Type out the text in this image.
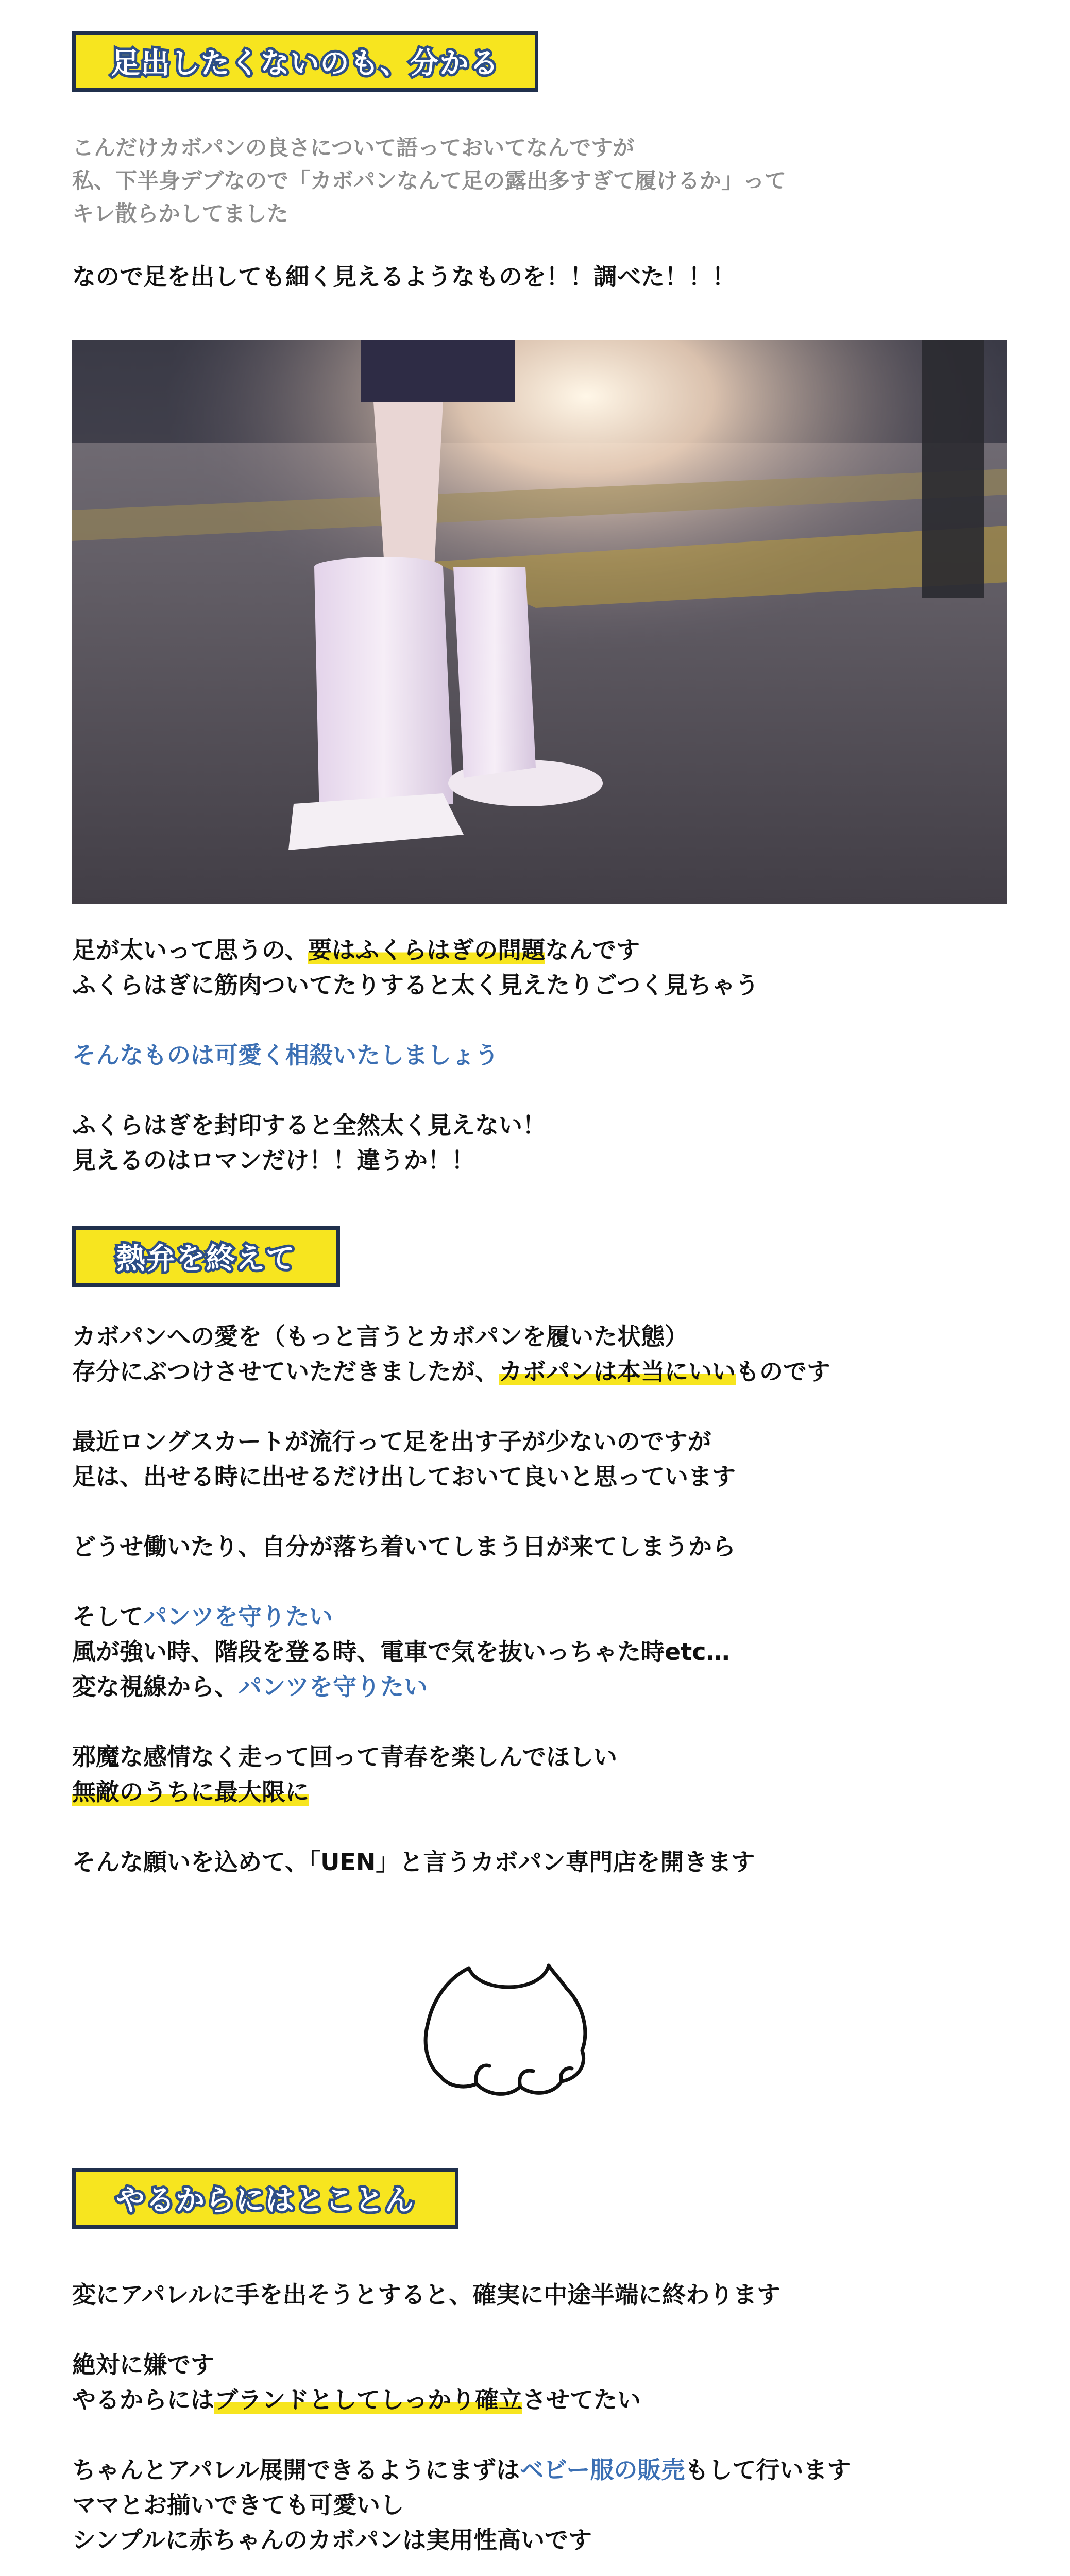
足出したくないのも、分かる

こんだけカボパンの良さについて語っておいてなんですが

私、下半身デブなので「カボパンなんて足の露出多すぎて履けるか」って

キレ散らかしてました

なので足を出しても細く見えるようなものを！！調べた！！！

足が太いって思うの、要はふくらはぎの問題なんです

ふくらはぎに筋肉ついてたりすると太く見えたりごつく見ちゃう

そんなものは可愛く相殺いたしましょう

ふくらはぎを封印すると全然太く見えない！

見えるのはロマンだけ！！違うか！！

熱弁を終えて

カボパンへの愛を（もっと言うとカボパンを履いた状態）

存分にぶつけさせていただきましたが、カボパンは本当にいいものです

最近ロングスカートが流行って足を出す子が少ないのですが

足は、出せる時に出せるだけ出しておいて良いと思っています

どうせ働いたり、自分が落ち着いてしまう日が来てしまうから

そしてパンツを守りたい

風が強い時、階段を登る時、電車で気を抜いっちゃた時etc…

変な視線から、パンツを守りたい

邪魔な感情なく走って回って青春を楽しんでほしい

無敵のうちに最大限に

そんな願いを込めて、「UEN」と言うカボパン専門店を開きます

やるからにはとことん

変にアパレルに手を出そうとすると、確実に中途半端に終わります

絶対に嫌です

やるからにはブランドとしてしっかり確立させてたい

ちゃんとアパレル展開できるようにまずはベビー服の販売もして行います

ママとお揃いできても可愛いし

シンプルに赤ちゃんのカボパンは実用性高いです
